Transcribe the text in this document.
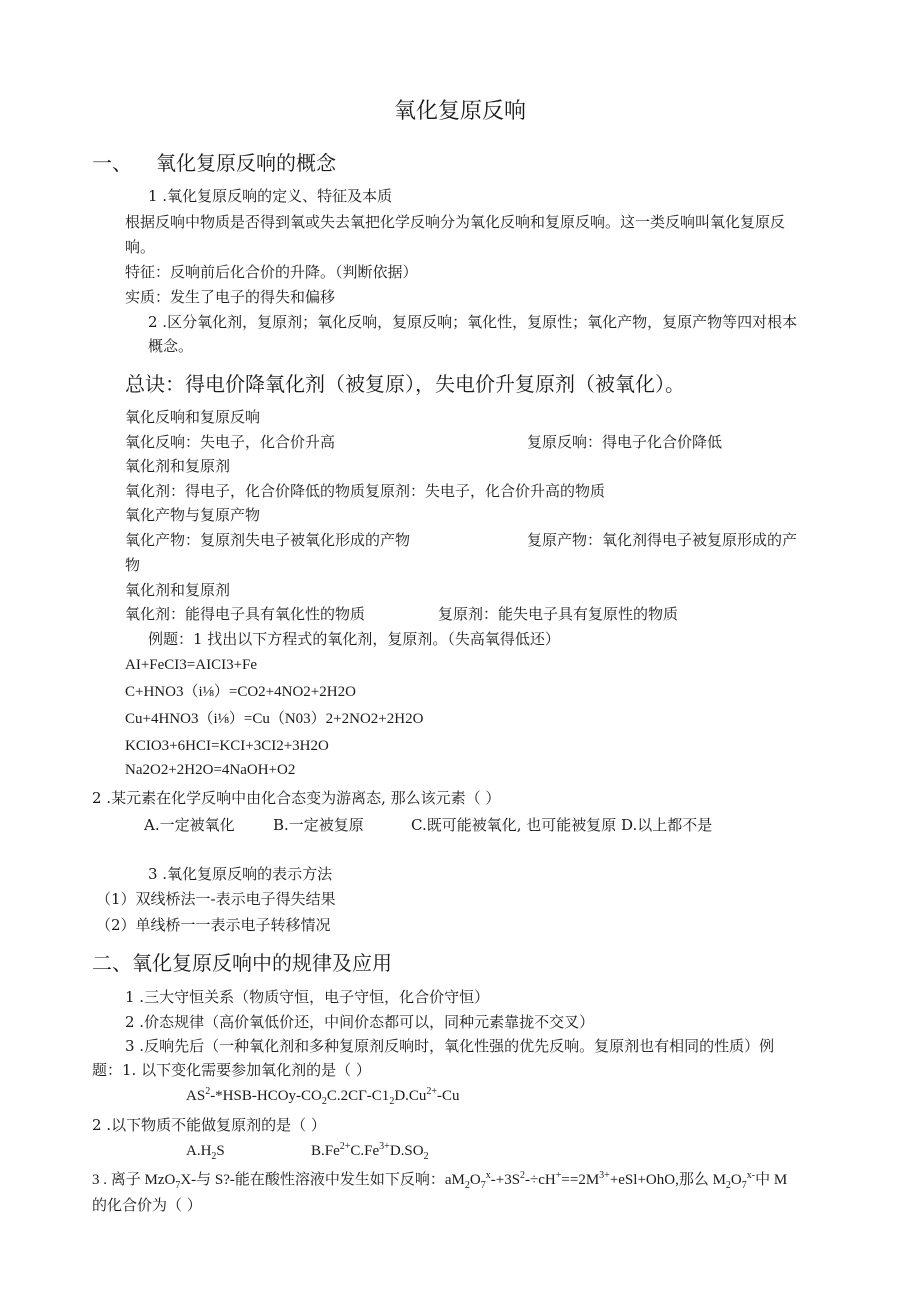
氧化复原反响
一、 氧化复原反响的概念
1 .氧化复原反响的定义、特征及本质
根据反响中物质是否得到氧或失去氧把化学反响分为氧化反响和复原反响。这一类反响叫氧化复原反
响。
特征：反响前后化合价的升降。（判断依据）
实质：发生了电子的得失和偏移
2 .区分氧化剂，复原剂；氧化反响，复原反响；氧化性，复原性；氧化产物，复原产物等四对根本
概念。
总诀：得电价降氧化剂（被复原），失电价升复原剂（被氧化）。
氧化反响和复原反响
氧化反响：失电子，化合价升高	复原反响：得电子化合价降低
氧化剂和复原剂
氧化剂：得电子，化合价降低的物质复原剂：失电子，化合价升高的物质
氧化产物与复原产物
氧化产物：复原剂失电子被氧化形成的产物	复原产物：氧化剂得电子被复原形成的产
物
氧化剂和复原剂
氧化剂：能得电子具有氧化性的物质	复原剂：能失电子具有复原性的物质
例题：1 找出以下方程式的氧化剂，复原剂。（失高氧得低还）
AI+FeCI3=AICI3+Fe
C+HNO3（i⅛）=CO2+4NO2+2H2O
Cu+4HNO3（i⅛）=Cu（N03）2+2NO2+2H2O
KCIO3+6HCI=KCI+3CI2+3H2O
Na2O2+2H2O=4NaOH+O2
2 .某元素在化学反响中由化合态变为游离态, 那么该元素（ ）
A.一定被氧化	B.一定被复原	C.既可能被氧化, 也可能被复原 D.以上都不是
3 .氧化复原反响的表示方法
（1）双线桥法一-表示电子得失结果
（2）单线桥一一表示电子转移情况
二、氧化复原反响中的规律及应用
1 .三大守恒关系（物质守恒，电子守恒，化合价守恒）
2 .价态规律（高价氧低价还，中间价态都可以，同种元素靠拢不交叉）
3 .反响先后（一种氧化剂和多种复原剂反响时，氧化性强的优先反响。复原剂也有相同的性质）例
题：1. 以下变化需要参加氧化剂的是（ ）
$AS^2-*HSB-HCOy-CO_2C.2C\Gamma-C1_2D.Cu^{2+}-Cu$
2 .以下物质不能做复原剂的是（ ）
$A.H_2S$	$B.Fe^{2+}C.Fe^{3+}D.SO_2$
3 . 离子 MzO$_7$X-与 S?-能在酸性溶液中发生如下反响：$aM_2O_7^x-+3S^2-\div cH^+==2M^{3+}+eSl+OhO$,那么 $M_2O_7^{x-}$中 M
的化合价为（ ）
